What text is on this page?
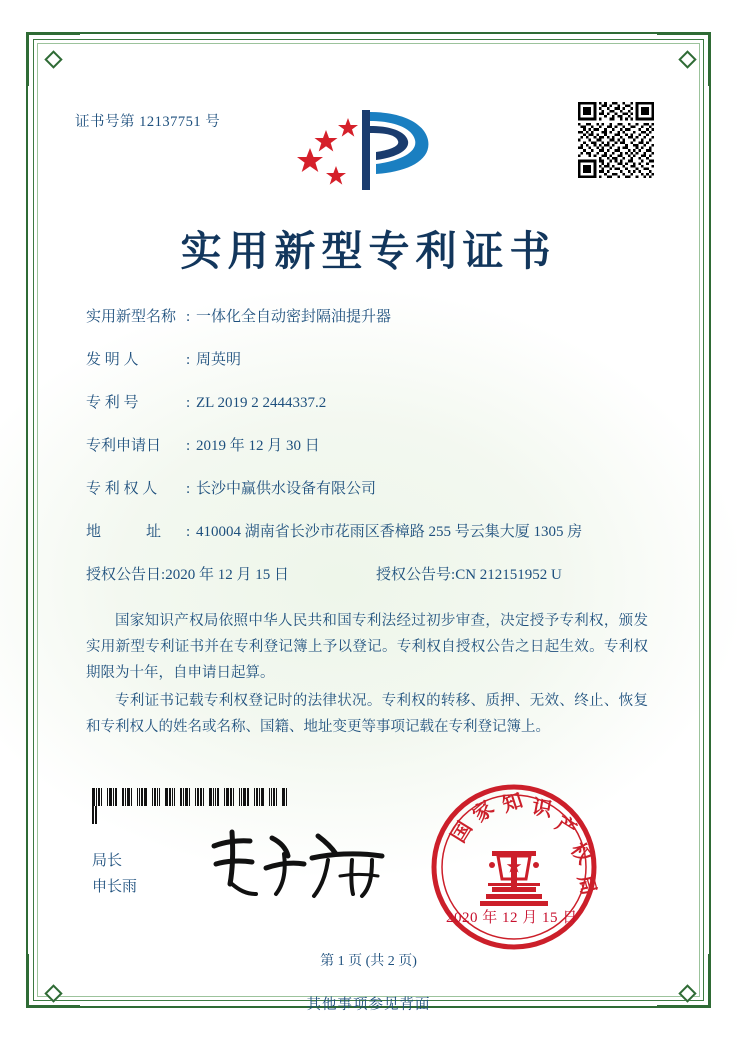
证书号第 12137751 号
实用新型专利证书
实用新型名称 : 一体化全自动密封隔油提升器
发 明 人	: 周英明
专 利 号	: ZL 2019 2 2444337.2
专利申请日	: 2019 年 12 月 30 日
专 利 权 人	: 长沙中赢供水设备有限公司
地　　　址	: 410004 湖南省长沙市花雨区香樟路 255 号云集大厦 1305 房
授权公告日 : 2020 年 12 月 15 日	授权公告号 : CN 212151952 U

国家知识产权局依照中华人民共和国专利法经过初步审查，决定授予专利权，颁发实用新型专利证书并在专利登记簿上予以登记。专利权自授权公告之日起生效。专利权期限为十年，自申请日起算。

专利证书记载专利权登记时的法律状况。专利权的转移、质押、无效、终止、恢复和专利权人的姓名或名称、国籍、地址变更等事项记载在专利登记簿上。

局长
申长雨
国
家 知 识
产
权
局
2020 年 12 月 15 日
第 1 页 (共 2 页)
其他事项参见背面
